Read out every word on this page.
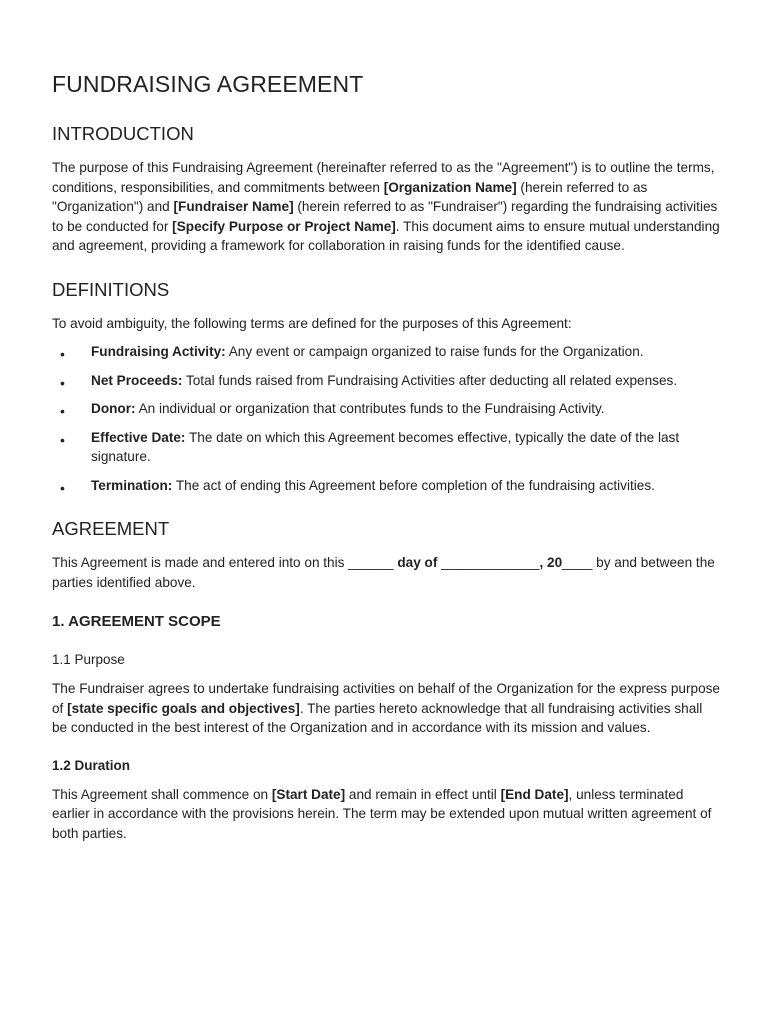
FUNDRAISING AGREEMENT
INTRODUCTION

The purpose of this Fundraising Agreement (hereinafter referred to as the "Agreement") is to outline the terms, conditions, responsibilities, and commitments between [Organization Name] (herein referred to as "Organization") and [Fundraiser Name] (herein referred to as "Fundraiser") regarding the fundraising activities to be conducted for [Specify Purpose or Project Name]. This document aims to ensure mutual understanding and agreement, providing a framework for collaboration in raising funds for the identified cause.

DEFINITIONS

To avoid ambiguity, the following terms are defined for the purposes of this Agreement:

• Fundraising Activity: Any event or campaign organized to raise funds for the Organization.
• Net Proceeds: Total funds raised from Fundraising Activities after deducting all related expenses.
• Donor: An individual or organization that contributes funds to the Fundraising Activity.
• Effective Date: The date on which this Agreement becomes effective, typically the date of the last signature.
• Termination: The act of ending this Agreement before completion of the fundraising activities.
AGREEMENT

This Agreement is made and entered into on this ______ day of _____________, 20____ by and between the parties identified above.

1. AGREEMENT SCOPE
1.1 Purpose

The Fundraiser agrees to undertake fundraising activities on behalf of the Organization for the express purpose of [state specific goals and objectives]. The parties hereto acknowledge that all fundraising activities shall be conducted in the best interest of the Organization and in accordance with its mission and values.

1.2 Duration

This Agreement shall commence on [Start Date] and remain in effect until [End Date], unless terminated earlier in accordance with the provisions herein. The term may be extended upon mutual written agreement of both parties.
